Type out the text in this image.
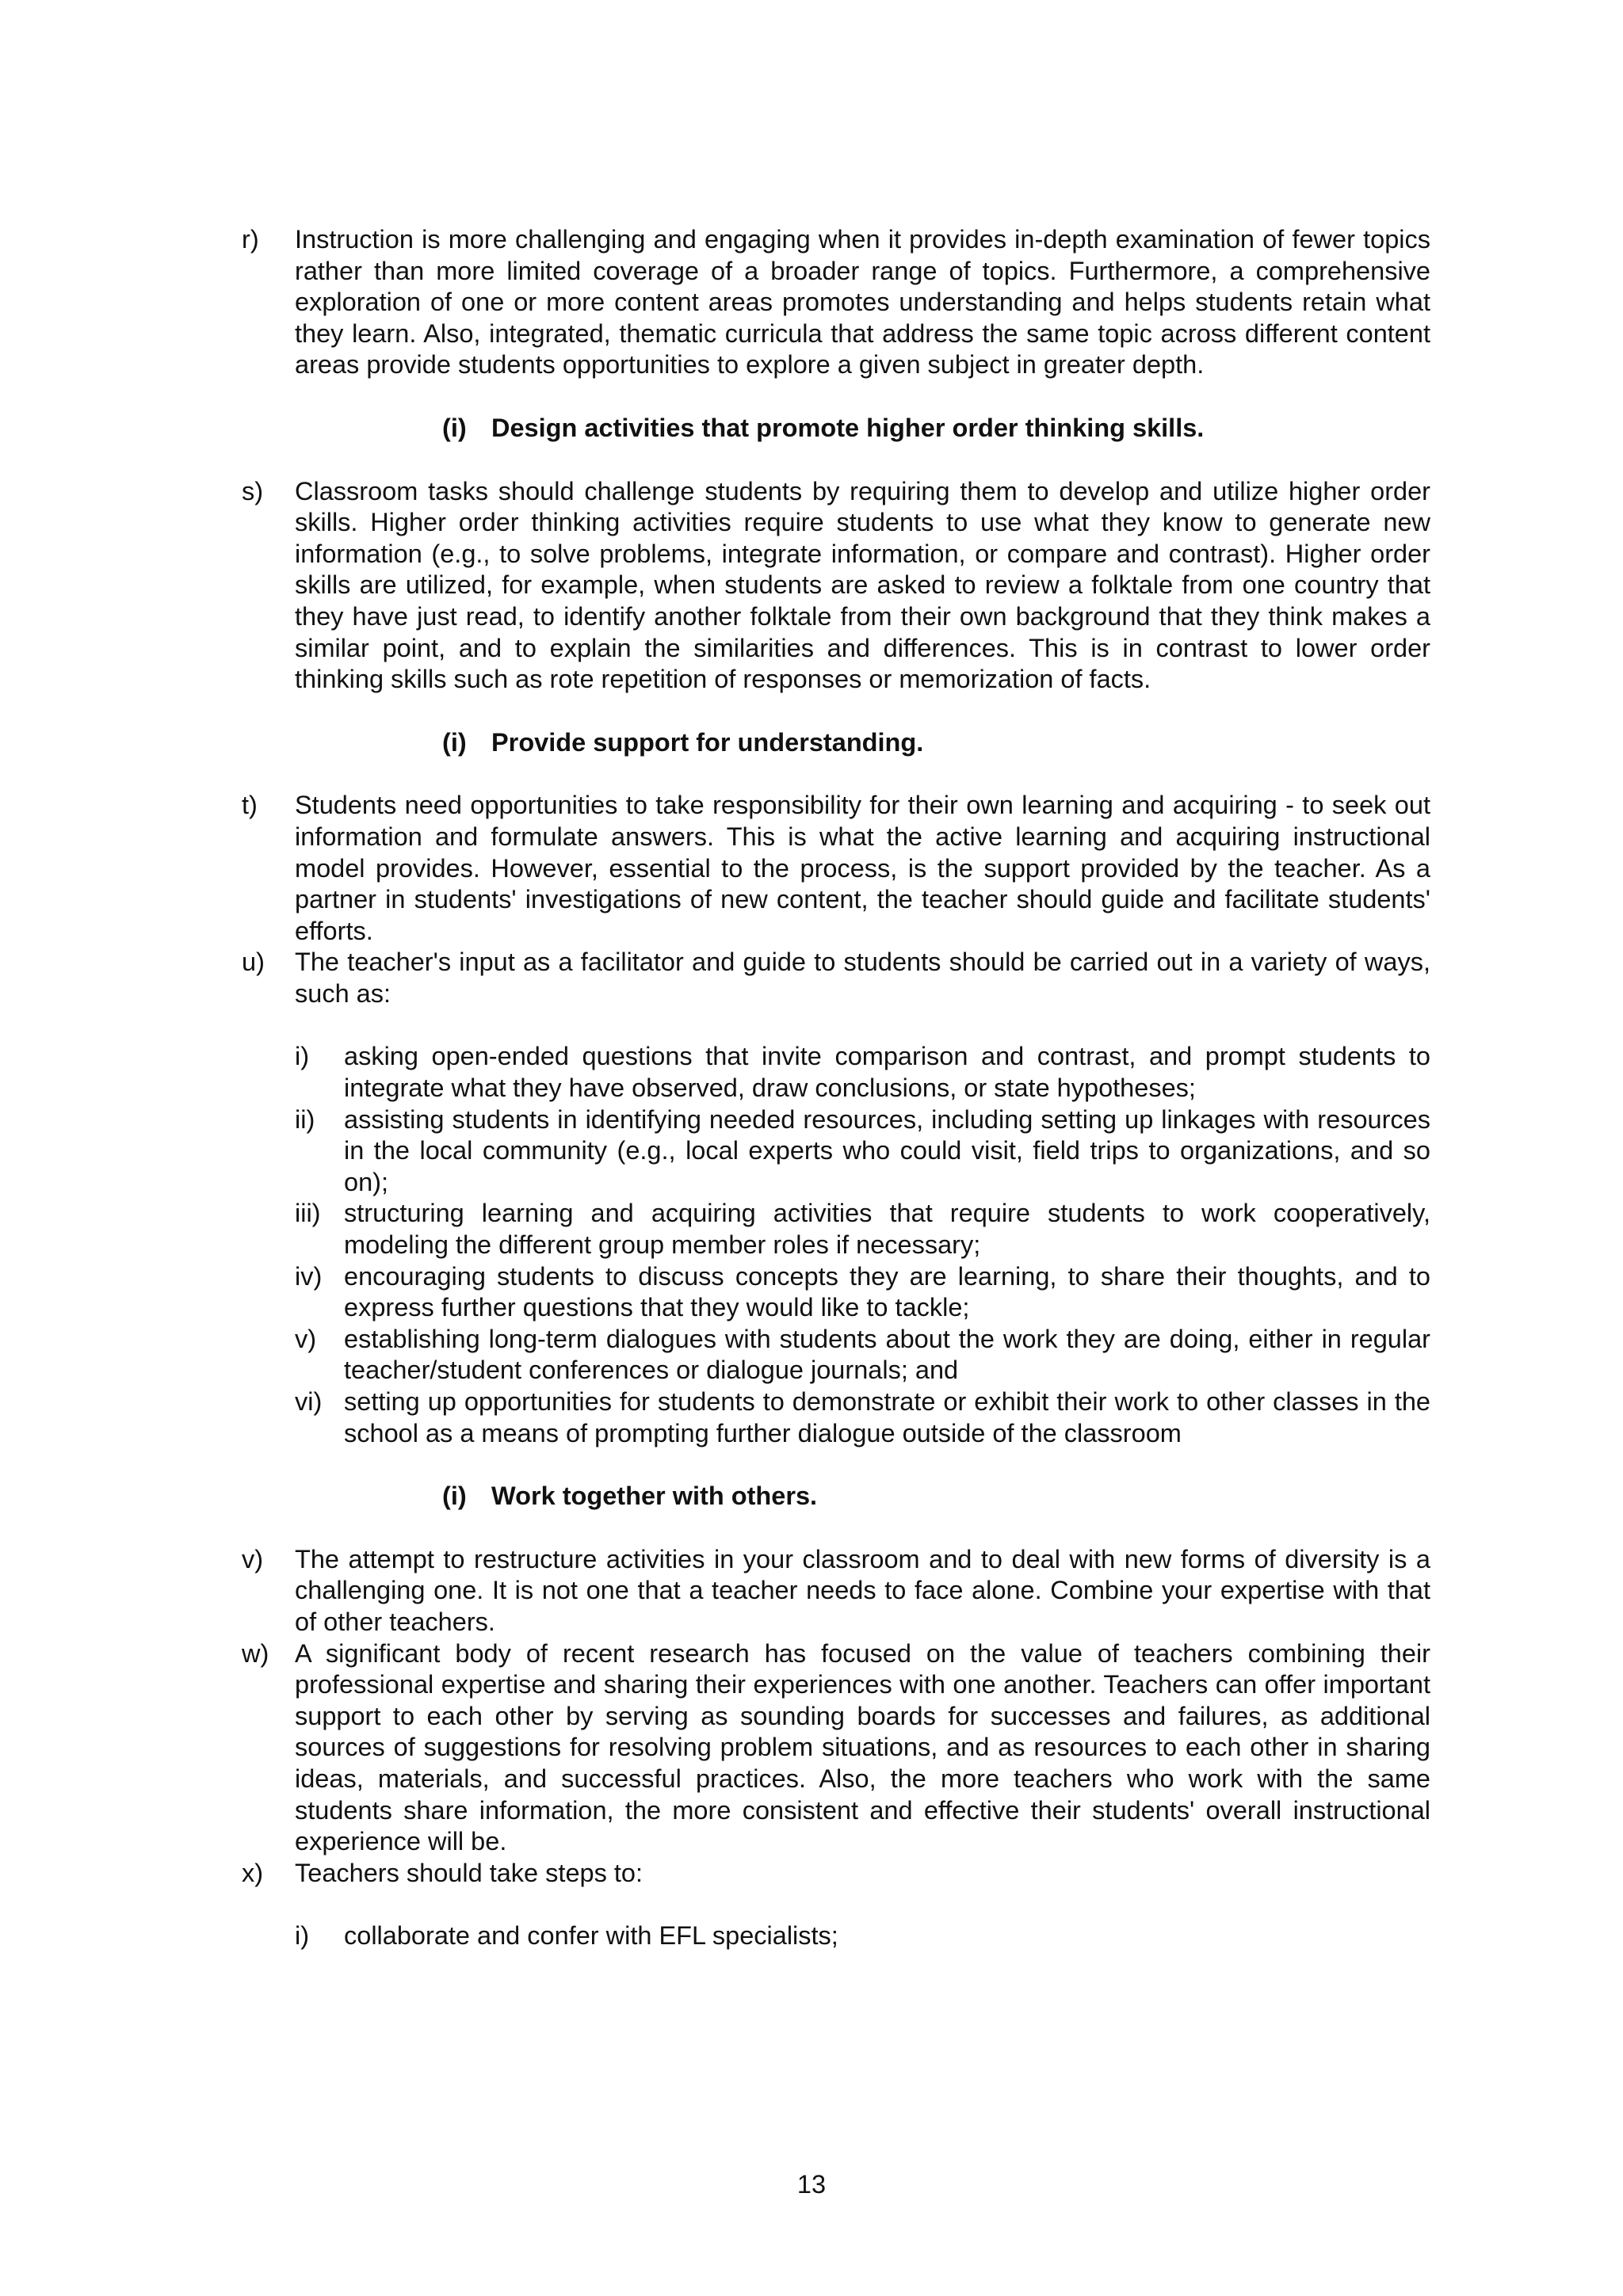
r)	Instruction is more challenging and engaging when it provides in-depth examination of fewer topics rather than more limited coverage of a broader range of topics. Furthermore, a comprehensive exploration of one or more content areas promotes understanding and helps students retain what they learn. Also, integrated, thematic curricula that address the same topic across different content areas provide students opportunities to explore a given subject in greater depth.
(i) Design activities that promote higher order thinking skills.
s)	Classroom tasks should challenge students by requiring them to develop and utilize higher order skills. Higher order thinking activities require students to use what they know to generate new information (e.g., to solve problems, integrate information, or compare and contrast). Higher order skills are utilized, for example, when students are asked to review a folktale from one country that they have just read, to identify another folktale from their own background that they think makes a similar point, and to explain the similarities and differences. This is in contrast to lower order thinking skills such as rote repetition of responses or memorization of facts.
(i) Provide support for understanding.
t)	Students need opportunities to take responsibility for their own learning and acquiring - to seek out information and formulate answers. This is what the active learning and acquiring instructional model provides. However, essential to the process, is the support provided by the teacher. As a partner in students' investigations of new content, the teacher should guide and facilitate students' efforts.
u)	The teacher's input as a facilitator and guide to students should be carried out in a variety of ways, such as:
i)	asking open-ended questions that invite comparison and contrast, and prompt students to integrate what they have observed, draw conclusions, or state hypotheses;
ii)	assisting students in identifying needed resources, including setting up linkages with resources in the local community (e.g., local experts who could visit, field trips to organizations, and so on);
iii) structuring learning and acquiring activities that require students to work cooperatively, modeling the different group member roles if necessary;
iv) encouraging students to discuss concepts they are learning, to share their thoughts, and to express further questions that they would like to tackle;
v)	establishing long-term dialogues with students about the work they are doing, either in regular teacher/student conferences or dialogue journals; and
vi) setting up opportunities for students to demonstrate or exhibit their work to other classes in the school as a means of prompting further dialogue outside of the classroom
(i) Work together with others.
v)	The attempt to restructure activities in your classroom and to deal with new forms of diversity is a challenging one. It is not one that a teacher needs to face alone. Combine your expertise with that of other teachers.
w)	A significant body of recent research has focused on the value of teachers combining their professional expertise and sharing their experiences with one another. Teachers can offer important support to each other by serving as sounding boards for successes and failures, as additional sources of suggestions for resolving problem situations, and as resources to each other in sharing ideas, materials, and successful practices. Also, the more teachers who work with the same students share information, the more consistent and effective their students' overall instructional experience will be.
x)	Teachers should take steps to:
i)	collaborate and confer with EFL specialists;
13
